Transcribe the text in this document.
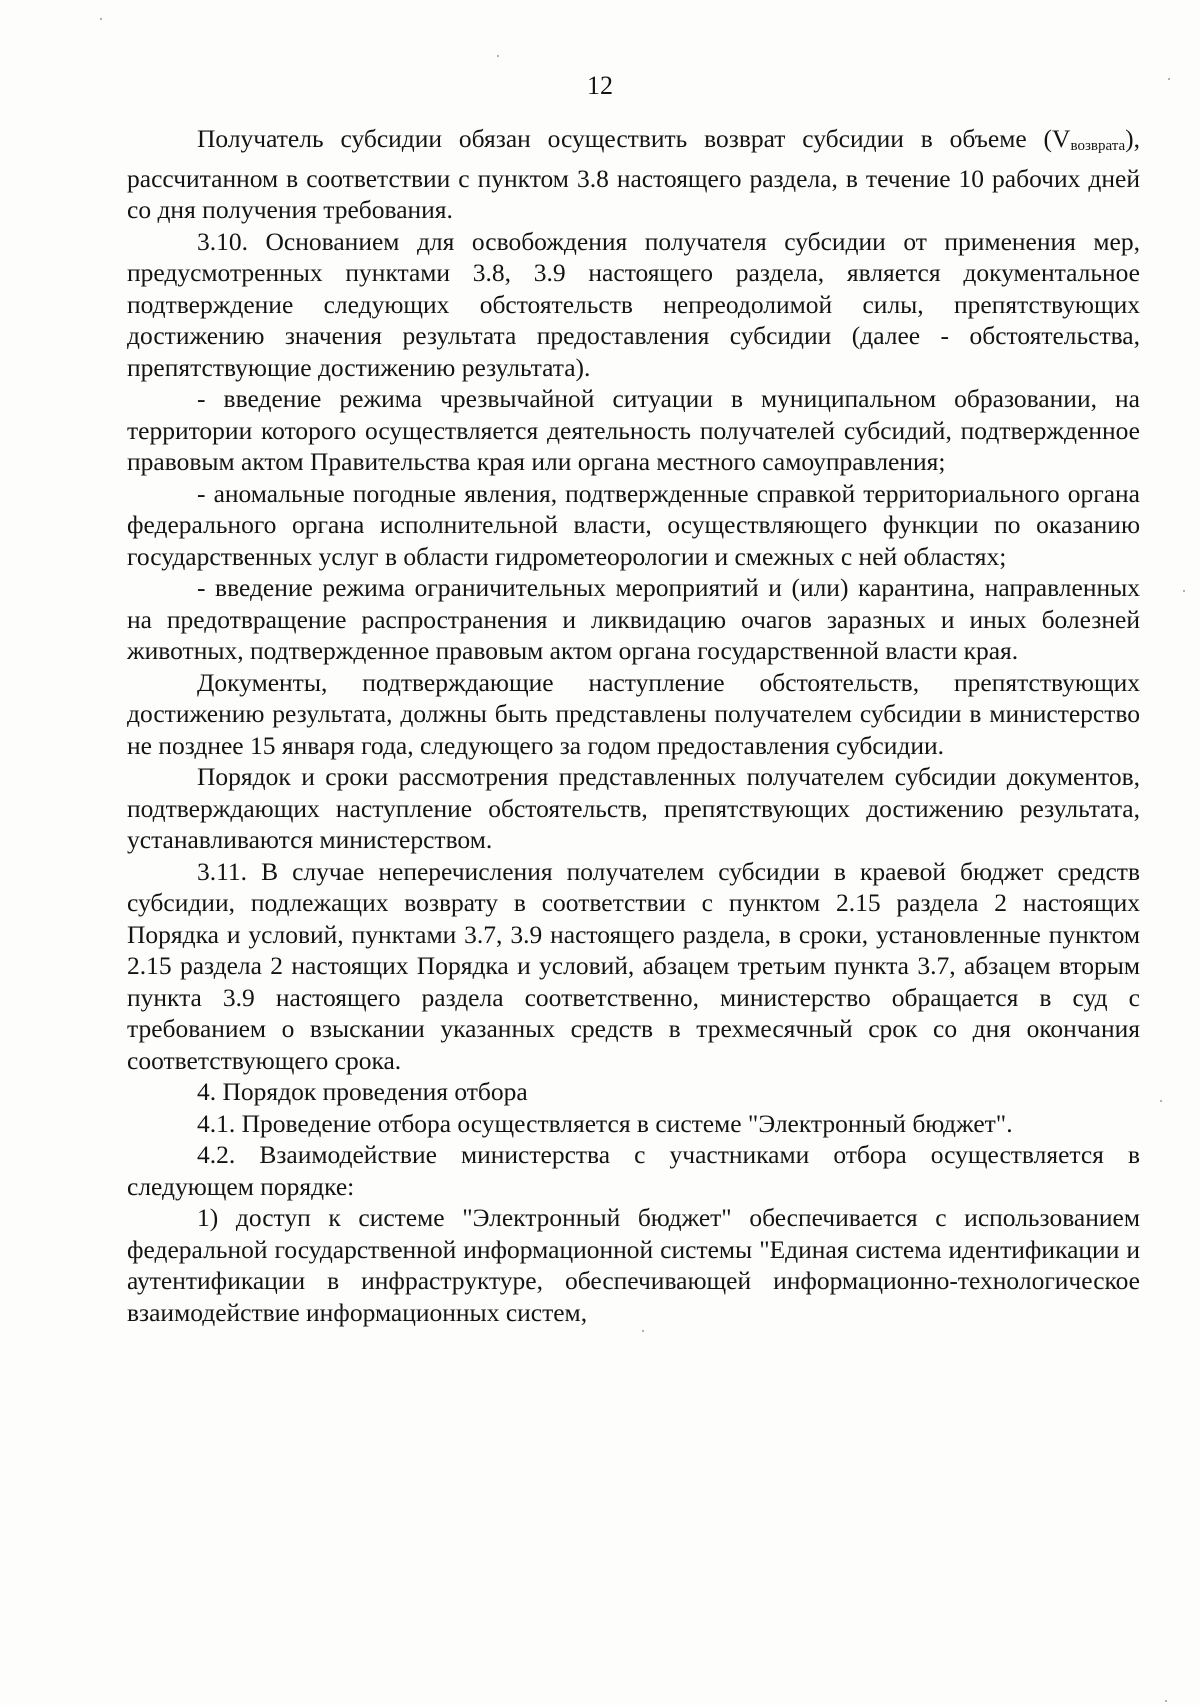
12

Получатель субсидии обязан осуществить возврат субсидии в объеме $(V_{возврата})$, рассчитанном в соответствии с пунктом 3.8 настоящего раздела, в течение 10 рабочих дней со дня получения требования.

3.10. Основанием для освобождения получателя субсидии от применения мер, предусмотренных пунктами 3.8, 3.9 настоящего раздела, является документальное подтверждение следующих обстоятельств непреодолимой силы, препятствующих достижению значения результата предоставления субсидии (далее - обстоятельства, препятствующие достижению результата).

- введение режима чрезвычайной ситуации в муниципальном образовании, на территории которого осуществляется деятельность получателей субсидий, подтвержденное правовым актом Правительства края или органа местного самоуправления;

- аномальные погодные явления, подтвержденные справкой территориального органа федерального органа исполнительной власти, осуществляющего функции по оказанию государственных услуг в области гидрометеорологии и смежных с ней областях;

- введение режима ограничительных мероприятий и (или) карантина, направленных на предотвращение распространения и ликвидацию очагов заразных и иных болезней животных, подтвержденное правовым актом органа государственной власти края.

Документы, подтверждающие наступление обстоятельств, препятствующих достижению результата, должны быть представлены получателем субсидии в министерство не позднее 15 января года, следующего за годом предоставления субсидии.

Порядок и сроки рассмотрения представленных получателем субсидии документов, подтверждающих наступление обстоятельств, препятствующих достижению результата, устанавливаются министерством.

3.11. В случае неперечисления получателем субсидии в краевой бюджет средств субсидии, подлежащих возврату в соответствии с пунктом 2.15 раздела 2 настоящих Порядка и условий, пунктами 3.7, 3.9 настоящего раздела, в сроки, установленные пунктом 2.15 раздела 2 настоящих Порядка и условий, абзацем третьим пункта 3.7, абзацем вторым пункта 3.9 настоящего раздела соответственно, министерство обращается в суд с требованием о взыскании указанных средств в трехмесячный срок со дня окончания соответствующего срока.

4. Порядок проведения отбора

4.1. Проведение отбора осуществляется в системе "Электронный бюджет".

4.2. Взаимодействие министерства с участниками отбора осуществляется в следующем порядке:

1) доступ к системе "Электронный бюджет" обеспечивается с использованием федеральной государственной информационной системы "Единая система идентификации и аутентификации в инфраструктуре, обеспечивающей информационно-технологическое взаимодействие информационных систем,
